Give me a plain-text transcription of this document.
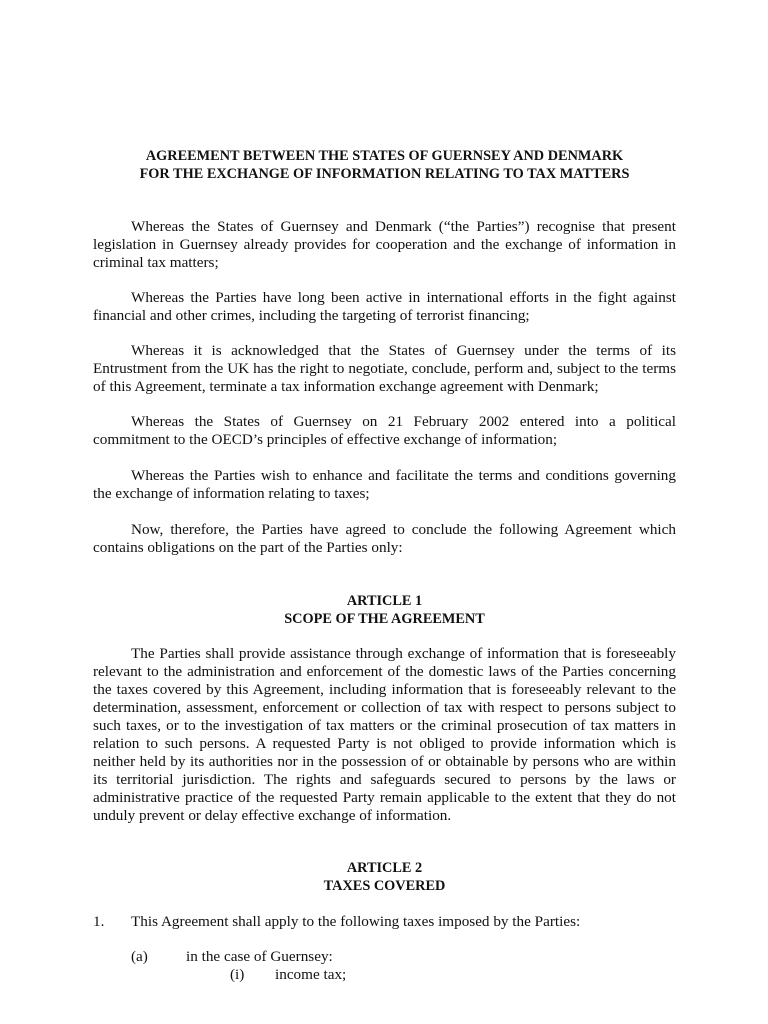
AGREEMENT BETWEEN THE STATES OF GUERNSEY AND DENMARK
FOR THE EXCHANGE OF INFORMATION RELATING TO TAX MATTERS
Whereas the States of Guernsey and Denmark (“the Parties”) recognise that present legislation in Guernsey already provides for cooperation and the exchange of information in criminal tax matters;
Whereas the Parties have long been active in international efforts in the fight against financial and other crimes, including the targeting of terrorist financing;
Whereas it is acknowledged that the States of Guernsey under the terms of its Entrustment from the UK has the right to negotiate, conclude, perform and, subject to the terms of this Agreement, terminate a tax information exchange agreement with Denmark;
Whereas the States of Guernsey on 21 February 2002 entered into a political commitment to the OECD’s principles of effective exchange of information;
Whereas the Parties wish to enhance and facilitate the terms and conditions governing the exchange of information relating to taxes;
Now, therefore, the Parties have agreed to conclude the following Agreement which contains obligations on the part of the Parties only:
ARTICLE 1
SCOPE OF THE AGREEMENT
The Parties shall provide assistance through exchange of information that is foreseeably relevant to the administration and enforcement of the domestic laws of the Parties concerning the taxes covered by this Agreement, including information that is foreseeably relevant to the determination, assessment, enforcement or collection of tax with respect to persons subject to such taxes, or to the investigation of tax matters or the criminal prosecution of tax matters in relation to such persons. A requested Party is not obliged to provide information which is neither held by its authorities nor in the possession of or obtainable by persons who are within its territorial jurisdiction. The rights and safeguards secured to persons by the laws or administrative practice of the requested Party remain applicable to the extent that they do not unduly prevent or delay effective exchange of information.
ARTICLE 2
TAXES COVERED
1. This Agreement shall apply to the following taxes imposed by the Parties:
(a)	in the case of Guernsey:
(i) income tax;
